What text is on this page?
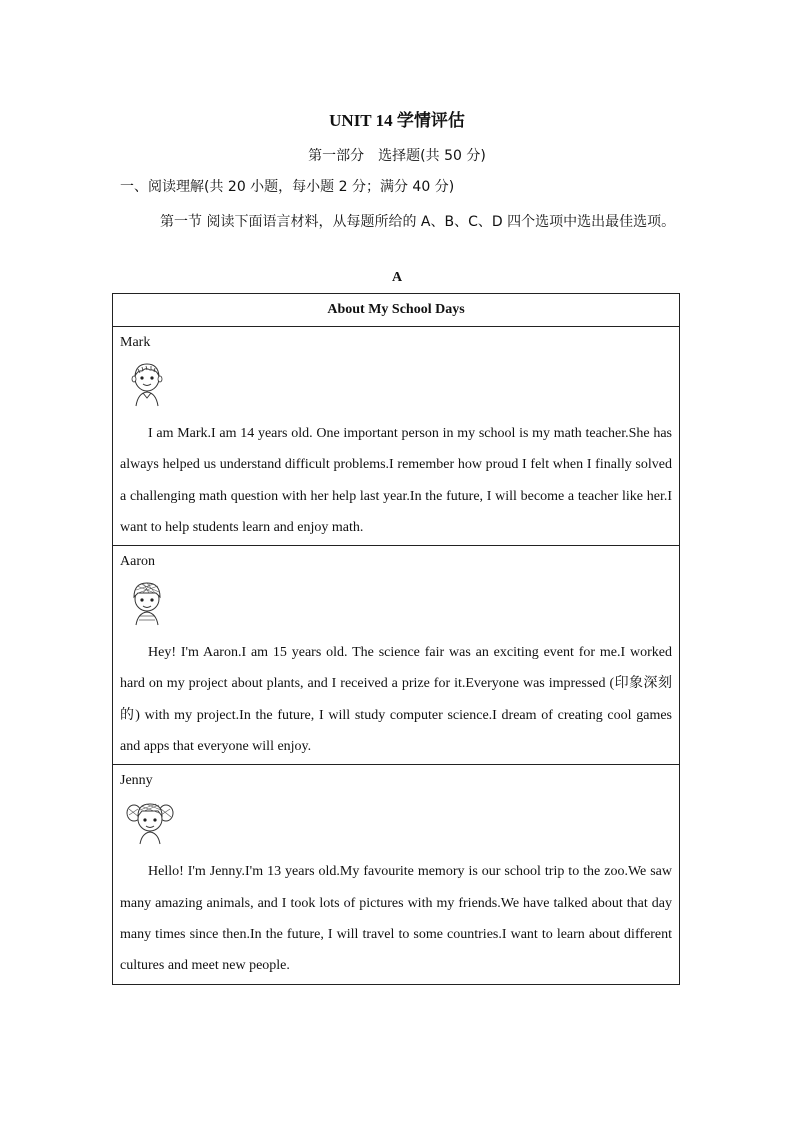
UNIT 14 学情评估
第一部分　选择题(共 50 分)
一、阅读理解(共 20 小题，每小题 2 分；满分 40 分)
第一节 阅读下面语言材料，从每题所给的 A、B、C、D 四个选项中选出最佳选项。
A
About My School Days
Mark
I am Mark.I am 14 years old. One important person in my school is my math teacher.She has always helped us understand difficult problems.I remember how proud I felt when I finally solved a challenging math question with her help last year.In the future, I will become a teacher like her.I want to help students learn and enjoy math.
Aaron
Hey! I'm Aaron.I am 15 years old. The science fair was an exciting event for me.I worked hard on my project about plants, and I received a prize for it.Everyone was impressed (印象深刻的) with my project.In the future, I will study computer science.I dream of creating cool games and apps that everyone will enjoy.
Jenny
Hello! I'm Jenny.I'm 13 years old.My favourite memory is our school trip to the zoo.We saw many amazing animals, and I took lots of pictures with my friends.We have talked about that day many times since then.In the future, I will travel to some countries.I want to learn about different cultures and meet new people.
